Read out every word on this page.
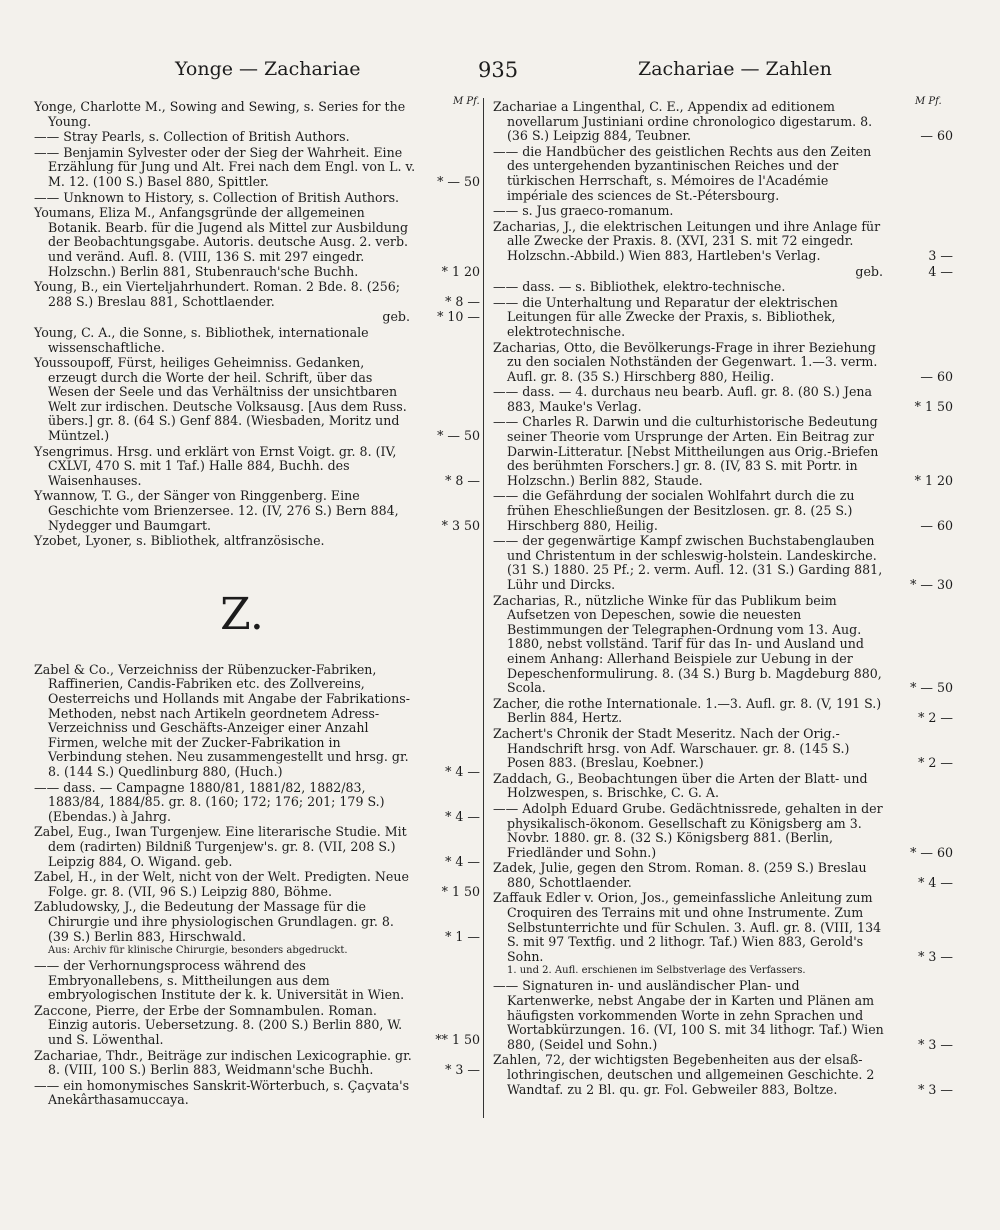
Yonge — Zachariae	935	Zachariae — Zahlen
M Pf.	M Pf.
Yonge, Charlotte M., Sowing and Sewing, s. Series for the Young.
—— Stray Pearls, s. Collection of British Authors.
—— Benjamin Sylvester oder der Sieg der Wahrheit. Eine Erzählung für Jung und Alt. Frei nach dem Engl. von L. v. M. 12. (100 S.) Basel 880, Spittler.	* — 50
—— Unknown to History, s. Collection of British Authors.
Youmans, Eliza M., Anfangsgründe der allgemeinen Botanik. Bearb. für die Jugend als Mittel zur Ausbildung der Beobachtungsgabe. Autoris. deutsche Ausg. 2. verb. und veränd. Aufl. 8. (VIII, 136 S. mit 297 eingedr. Holzschn.) Berlin 881, Stubenrauch'sche Buchh.	* 1 20
Young, B., ein Vierteljahrhundert. Roman. 2 Bde. 8. (256; 288 S.) Breslau 881, Schottlaender.	* 8 —
geb. * 10 —
Young, C. A., die Sonne, s. Bibliothek, internationale wissenschaftliche.
Youssoupoff, Fürst, heiliges Geheimniss. Gedanken, erzeugt durch die Worte der heil. Schrift, über das Wesen der Seele und das Verhältniss der unsichtbaren Welt zur irdischen. Deutsche Volksausg. [Aus dem Russ. übers.] gr. 8. (64 S.) Genf 884. (Wiesbaden, Moritz und Müntzel.)	* — 50
Ysengrimus. Hrsg. und erklärt von Ernst Voigt. gr. 8. (IV, CXLVI, 470 S. mit 1 Taf.) Halle 884, Buchh. des Waisenhauses.	* 8 —
Ywannow, T. G., der Sänger von Ringgenberg. Eine Geschichte vom Brienzersee. 12. (IV, 276 S.) Bern 884, Nydegger und Baumgart.	* 3 50
Yzobet, Lyoner, s. Bibliothek, altfranzösische.
Z.
Zabel & Co., Verzeichniss der Rübenzucker-Fabriken, Raffinerien, Candis-Fabriken etc. des Zollvereins, Oesterreichs und Hollands mit Angabe der Fabrikations-Methoden, nebst nach Artikeln geordnetem Adress-Verzeichniss und Geschäfts-Anzeiger einer Anzahl Firmen, welche mit der Zucker-Fabrikation in Verbindung stehen. Neu zusammengestellt und hrsg. gr. 8. (144 S.) Quedlinburg 880, (Huch.)	* 4 —
—— dass. — Campagne 1880/81, 1881/82, 1882/83, 1883/84, 1884/85. gr. 8. (160; 172; 176; 201; 179 S.) (Ebendas.) à Jahrg.	* 4 —
Zabel, Eug., Iwan Turgenjew. Eine literarische Studie. Mit dem (radirten) Bildniß Turgenjew's. gr. 8. (VII, 208 S.) Leipzig 884, O. Wigand. geb.	* 4 —
Zabel, H., in der Welt, nicht von der Welt. Predigten. Neue Folge. gr. 8. (VII, 96 S.) Leipzig 880, Böhme.	* 1 50
Zabludowsky, J., die Bedeutung der Massage für die Chirurgie und ihre physiologischen Grundlagen. gr. 8. (39 S.) Berlin 883, Hirschwald.	* 1 —
Aus: Archiv für klinische Chirurgie, besonders abgedruckt.
—— der Verhornungsprocess während des Embryonallebens, s. Mittheilungen aus dem embryologischen Institute der k. k. Universität in Wien.
Zaccone, Pierre, der Erbe der Somnambulen. Roman. Einzig autoris. Uebersetzung. 8. (200 S.) Berlin 880, W. und S. Löwenthal.	** 1 50
Zachariae, Thdr., Beiträge zur indischen Lexicographie. gr. 8. (VIII, 100 S.) Berlin 883, Weidmann'sche Buchh.	* 3 —
—— ein homonymisches Sanskrit-Wörterbuch, s. Çaçvata's Anekârthasamuccaya.
Zachariae a Lingenthal, C. E., Appendix ad editionem novellarum Justiniani ordine chronologico digestarum. 8. (36 S.) Leipzig 884, Teubner.	— 60
—— die Handbücher des geistlichen Rechts aus den Zeiten des untergehenden byzantinischen Reiches und der türkischen Herrschaft, s. Mémoires de l'Académie impériale des sciences de St.-Pétersbourg.
—— s. Jus graeco-romanum.
Zacharias, J., die elektrischen Leitungen und ihre Anlage für alle Zwecke der Praxis. 8. (XVI, 231 S. mit 72 eingedr. Holzschn.-Abbild.) Wien 883, Hartleben's Verlag.	3 —
geb.	4 —
—— dass. — s. Bibliothek, elektro-technische.
—— die Unterhaltung und Reparatur der elektrischen Leitungen für alle Zwecke der Praxis, s. Bibliothek, elektrotechnische.
Zacharias, Otto, die Bevölkerungs-Frage in ihrer Beziehung zu den socialen Nothständen der Gegenwart. 1.—3. verm. Aufl. gr. 8. (35 S.) Hirschberg 880, Heilig.	— 60
—— dass. — 4. durchaus neu bearb. Aufl. gr. 8. (80 S.) Jena 883, Mauke's Verlag.	* 1 50
—— Charles R. Darwin und die culturhistorische Bedeutung seiner Theorie vom Ursprunge der Arten. Ein Beitrag zur Darwin-Litteratur. [Nebst Mittheilungen aus Orig.-Briefen des berühmten Forschers.] gr. 8. (IV, 83 S. mit Portr. in Holzschn.) Berlin 882, Staude.	* 1 20
—— die Gefährdung der socialen Wohlfahrt durch die zu frühen Eheschließungen der Besitzlosen. gr. 8. (25 S.) Hirschberg 880, Heilig.	— 60
—— der gegenwärtige Kampf zwischen Buchstabenglauben und Christentum in der schleswig-holstein. Landeskirche. (31 S.) 1880. 25 Pf.; 2. verm. Aufl. 12. (31 S.) Garding 881, Lühr und Dircks.	* — 30
Zacharias, R., nützliche Winke für das Publikum beim Aufsetzen von Depeschen, sowie die neuesten Bestimmungen der Telegraphen-Ordnung vom 13. Aug. 1880, nebst vollständ. Tarif für das In- und Ausland und einem Anhang: Allerhand Beispiele zur Uebung in der Depeschenformulirung. 8. (34 S.) Burg b. Magdeburg 880, Scola.	* — 50
Zacher, die rothe Internationale. 1.—3. Aufl. gr. 8. (V, 191 S.) Berlin 884, Hertz.	* 2 —
Zachert's Chronik der Stadt Meseritz. Nach der Orig.-Handschrift hrsg. von Adf. Warschauer. gr. 8. (145 S.) Posen 883. (Breslau, Koebner.)	* 2 —
Zaddach, G., Beobachtungen über die Arten der Blatt- und Holzwespen, s. Brischke, C. G. A.
—— Adolph Eduard Grube. Gedächtnissrede, gehalten in der physikalisch-ökonom. Gesellschaft zu Königsberg am 3. Novbr. 1880. gr. 8. (32 S.) Königsberg 881. (Berlin, Friedländer und Sohn.)	* — 60
Zadek, Julie, gegen den Strom. Roman. 8. (259 S.) Breslau 880, Schottlaender.	* 4 —
Zaffauk Edler v. Orion, Jos., gemeinfassliche Anleitung zum Croquiren des Terrains mit und ohne Instrumente. Zum Selbstunterrichte und für Schulen. 3. Aufl. gr. 8. (VIII, 134 S. mit 97 Textfig. und 2 lithogr. Taf.) Wien 883, Gerold's Sohn.	* 3 —
1. und 2. Aufl. erschienen im Selbstverlage des Verfassers.
—— Signaturen in- und ausländischer Plan- und Kartenwerke, nebst Angabe der in Karten und Plänen am häufigsten vorkommenden Worte in zehn Sprachen und Wortabkürzungen. 16. (VI, 100 S. mit 34 lithogr. Taf.) Wien 880, (Seidel und Sohn.)	* 3 —
Zahlen, 72, der wichtigsten Begebenheiten aus der elsaß-lothringischen, deutschen und allgemeinen Geschichte. 2 Wandtaf. zu 2 Bl. qu. gr. Fol. Gebweiler 883, Boltze.	* 3 —
